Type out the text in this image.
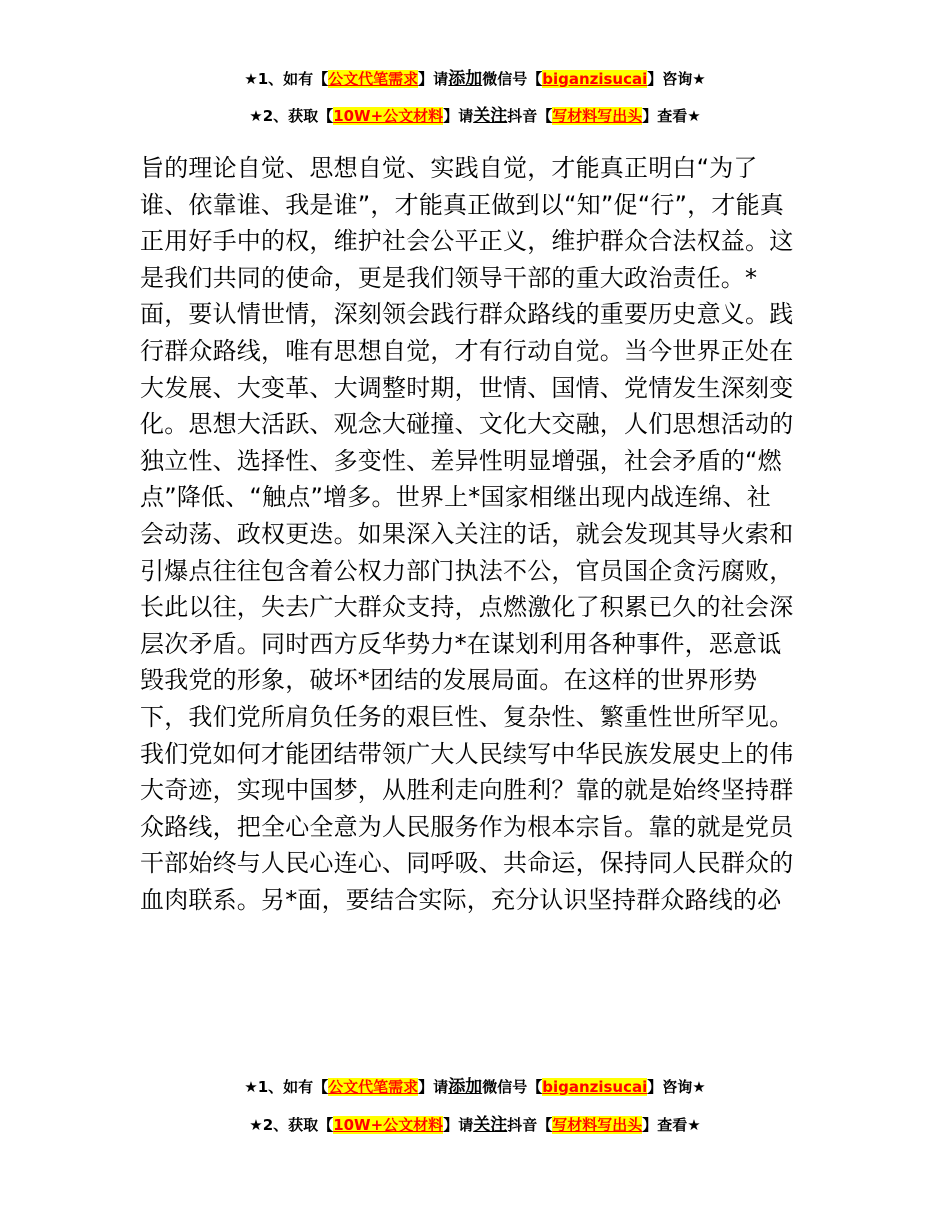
★1、如有【公文代笔需求】请添加微信号【biganzisucai】咨询★
★2、获取【10W+公文材料】请关注抖音【写材料写出头】查看★
旨的理论自觉、思想自觉、实践自觉，才能真正明白“为了
谁、依靠谁、我是谁”，才能真正做到以“知”促“行”，才能真
正用好手中的权，维护社会公平正义，维护群众合法权益。这
是我们共同的使命，更是我们领导干部的重大政治责任。*
面，要认情世情，深刻领会践行群众路线的重要历史意义。践
行群众路线，唯有思想自觉，才有行动自觉。当今世界正处在
大发展、大变革、大调整时期，世情、国情、党情发生深刻变
化。思想大活跃、观念大碰撞、文化大交融，人们思想活动的
独立性、选择性、多变性、差异性明显增强，社会矛盾的“燃
点”降低、“触点”增多。世界上*国家相继出现内战连绵、社
会动荡、政权更迭。如果深入关注的话，就会发现其导火索和
引爆点往往包含着公权力部门执法不公，官员国企贪污腐败，
长此以往，失去广大群众支持，点燃激化了积累已久的社会深
层次矛盾。同时西方反华势力*在谋划利用各种事件，恶意诋
毁我党的形象，破坏*团结的发展局面。在这样的世界形势
下，我们党所肩负任务的艰巨性、复杂性、繁重性世所罕见。
我们党如何才能团结带领广大人民续写中华民族发展史上的伟
大奇迹，实现中国梦，从胜利走向胜利？靠的就是始终坚持群
众路线，把全心全意为人民服务作为根本宗旨。靠的就是党员
干部始终与人民心连心、同呼吸、共命运，保持同人民群众的
血肉联系。另*面，要结合实际，充分认识坚持群众路线的必
★1、如有【公文代笔需求】请添加微信号【biganzisucai】咨询★
★2、获取【10W+公文材料】请关注抖音【写材料写出头】查看★
